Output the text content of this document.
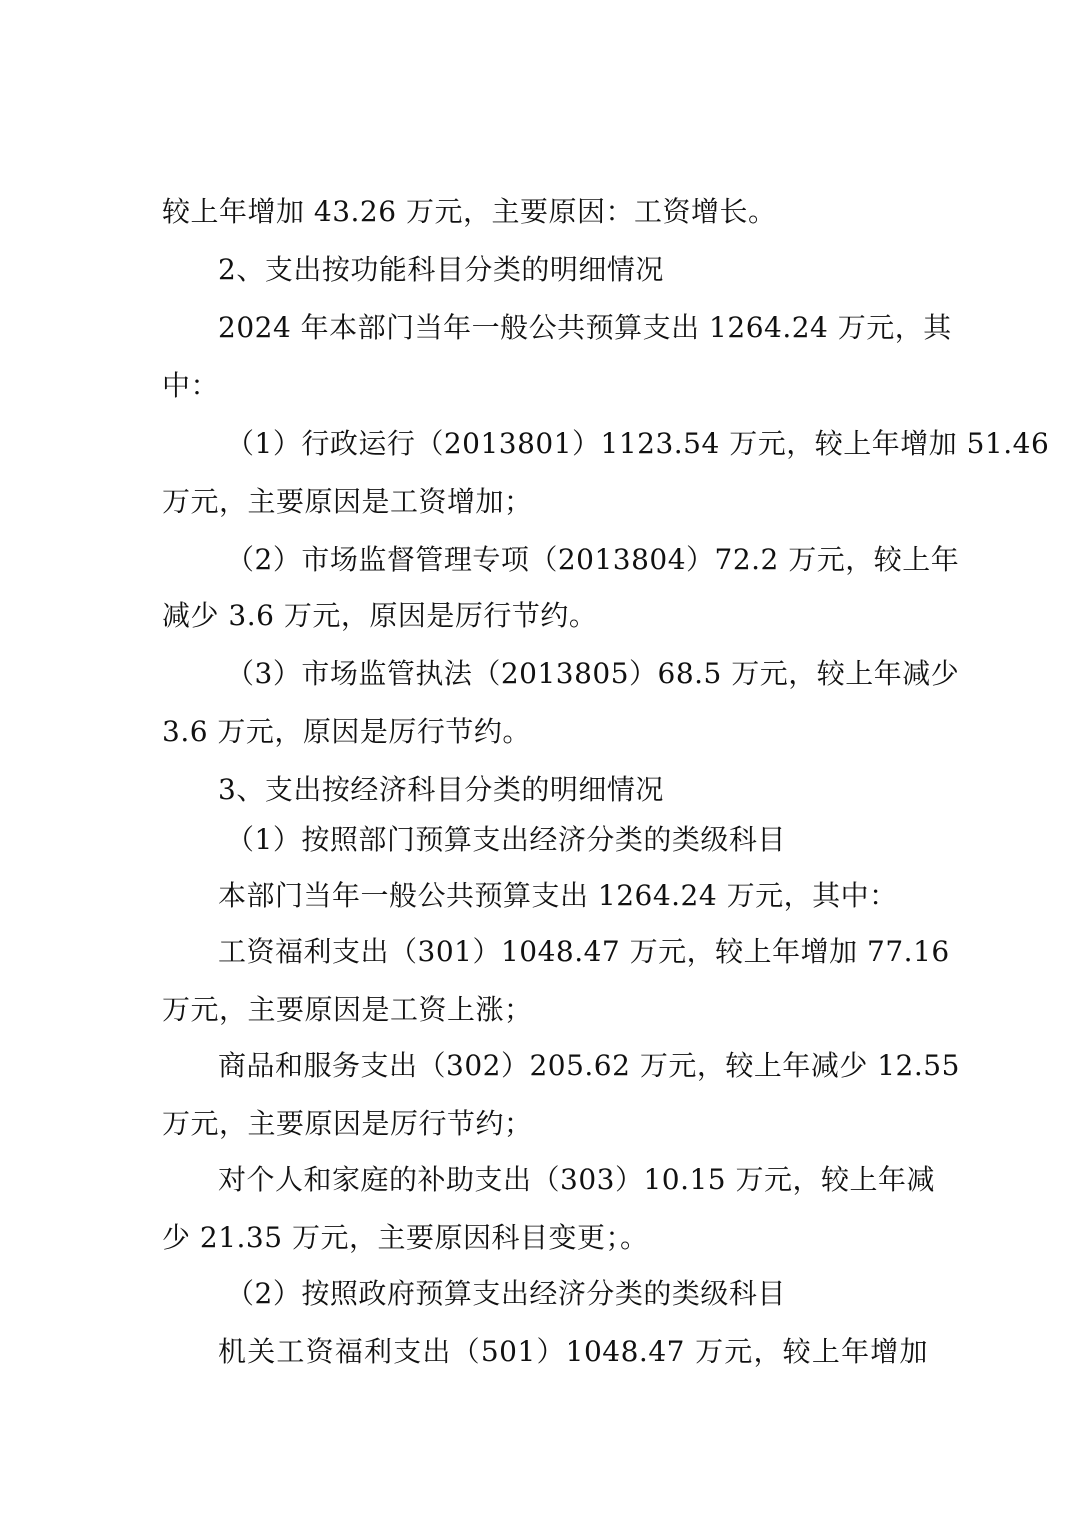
较上年增加 43.26 万元，主要原因：工资增长。
2、支出按功能科目分类的明细情况
2024 年本部门当年一般公共预算支出 1264.24 万元，其
中：
（1）行政运行（2013801）1123.54 万元，较上年增加 51.46
万元，主要原因是工资增加；
（2）市场监督管理专项（2013804）72.2 万元，较上年
减少 3.6 万元，原因是厉行节约。
（3）市场监管执法（2013805）68.5 万元，较上年减少
3.6 万元，原因是厉行节约。
3、支出按经济科目分类的明细情况
（1）按照部门预算支出经济分类的类级科目
本部门当年一般公共预算支出 1264.24 万元，其中：
工资福利支出（301）1048.47 万元，较上年增加 77.16
万元，主要原因是工资上涨；
商品和服务支出（302）205.62 万元，较上年减少 12.55
万元，主要原因是厉行节约；
对个人和家庭的补助支出（303）10.15 万元，较上年减
少 21.35 万元，主要原因科目变更；。
（2）按照政府预算支出经济分类的类级科目
机关工资福利支出（501）1048.47 万元，较上年增加
